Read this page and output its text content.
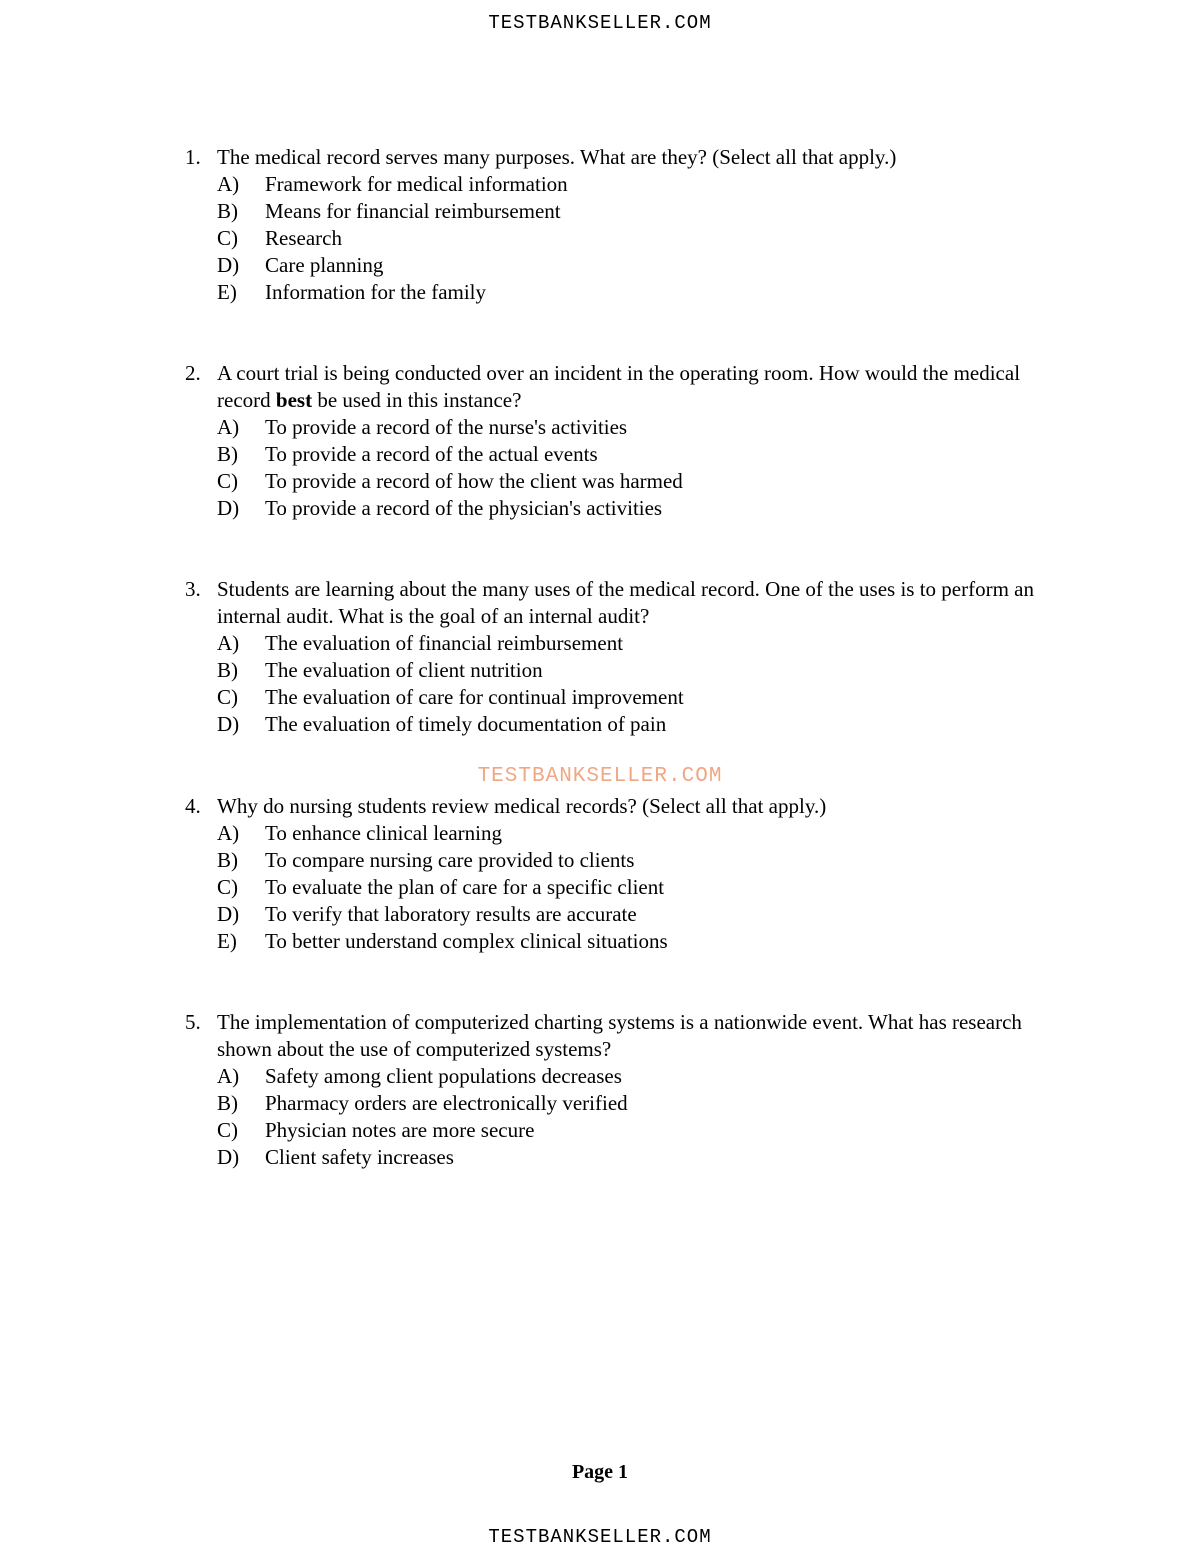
TESTBANKSELLER.COM
1. The medical record serves many purposes. What are they? (Select all that apply.)
A)	Framework for medical information
B)	Means for financial reimbursement
C)	Research
D)	Care planning
E)	Information for the family
2. A court trial is being conducted over an incident in the operating room. How would the medical record best be used in this instance?
A)	To provide a record of the nurse's activities
B)	To provide a record of the actual events
C)	To provide a record of how the client was harmed
D)	To provide a record of the physician's activities
3. Students are learning about the many uses of the medical record. One of the uses is to perform an internal audit. What is the goal of an internal audit?
A)	The evaluation of financial reimbursement
B)	The evaluation of client nutrition
C)	The evaluation of care for continual improvement
D)	The evaluation of timely documentation of pain
TESTBANKSELLER.COM
4. Why do nursing students review medical records? (Select all that apply.)
A)	To enhance clinical learning
B)	To compare nursing care provided to clients
C)	To evaluate the plan of care for a specific client
D)	To verify that laboratory results are accurate
E)	To better understand complex clinical situations
5. The implementation of computerized charting systems is a nationwide event. What has research shown about the use of computerized systems?
A)	Safety among client populations decreases
B)	Pharmacy orders are electronically verified
C)	Physician notes are more secure
D)	Client safety increases
Page 1
TESTBANKSELLER.COM
